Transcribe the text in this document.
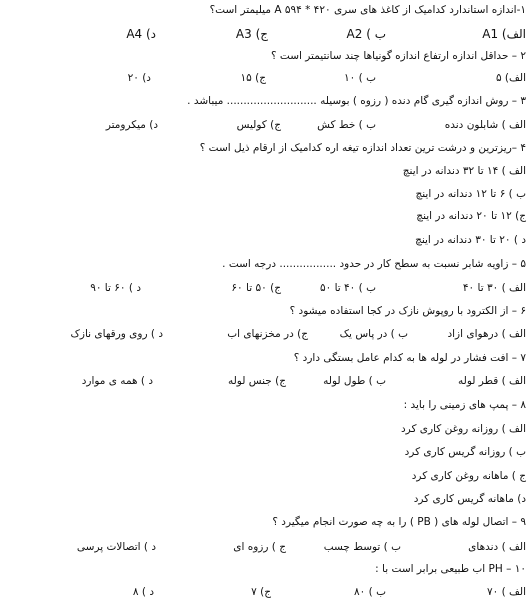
۱-اندازه استاندارد کدامیک از کاغذ های سری A ۵۹۴ * ۴۲۰ میلیمتر است؟
الف) A1
ب ) A2
ج) A3
د) A4
۲ – حداقل اندازه ارتفاع اندازه گونیاها چند سانتیمتر است ؟
الف) ۵
ب ) ۱۰
ج) ۱۵
د) ۲۰
۳ – روش اندازه گیری گام دنده ( رزوه ) بوسیله ........................... میباشد .
الف ) شابلون دنده
ب ) خط کش
ج) کولیس
د) میکرومتر
۴ –ریزترین و درشت ترین تعداد اندازه تیغه اره کدامیک از ارقام ذیل است ؟
الف ) ۱۴ تا ۳۲ دندانه در اینچ
ب ) ۶ تا ۱۲ دندانه در اینچ
ج) ۱۲ تا ۲۰ دندانه در اینچ
د ) ۲۰ تا ۳۰ دندانه در اینچ
۵ – زاویه شابر نسبت به سطح کار در حدود ................. درجه است .
الف ) ۳۰ تا ۴۰
ب ) ۴۰ تا ۵۰
ج) ۵۰ تا ۶۰
د ) ۶۰ تا ۹۰
۶ – از الکترود با روپوش نازک در کجا استفاده میشود ؟
الف ) درهوای ازاد
ب ) در پاس یک
ج) در مخزنهای اب
د ) روی ورقهای نازک
۷ – افت فشار در لوله ها به کدام عامل بستگی دارد ؟
الف ) قطر لوله
ب ) طول لوله
ج) جنس لوله
د ) همه ی موارد
۸ – پمپ های زمینی را باید :
الف ) روزانه روغن کاری کرد
ب ) روزانه گریس کاری کرد
ج ) ماهانه روغن کاری کرد
د) ماهانه گریس کاری کرد
۹ – اتصال لوله های ( PB ) را به چه صورت انجام میگیرد ؟
الف ) دندهای
ب ) توسط چسب
ج ) رزوه ای
د ) اتصالات پرسی
۱۰ – PH اب طبیعی برابر است با :
الف ) ۷۰
ب ) ۸۰
ج) ۷
د ) ۸
